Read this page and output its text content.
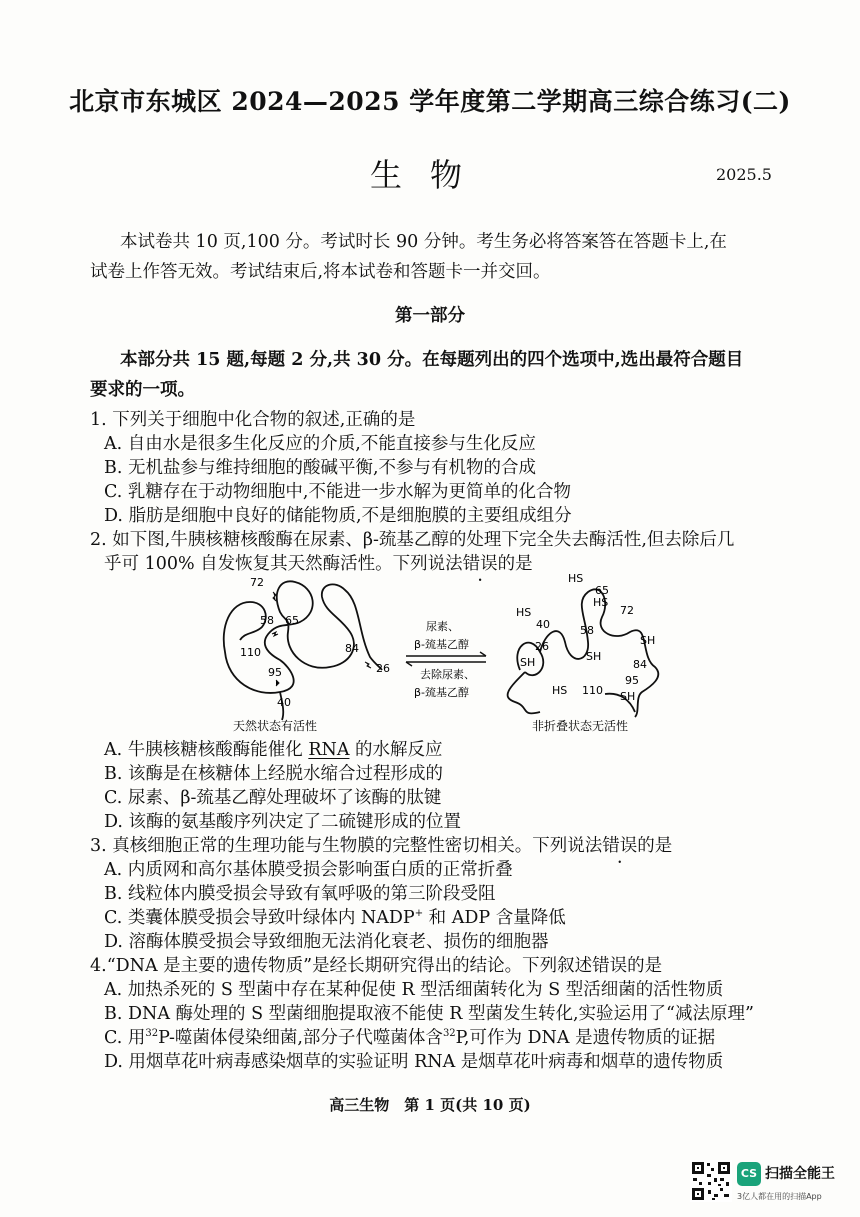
北京市东城区 2024—2025 学年度第二学期高三综合练习(二)
生物	2025.5
本试卷共 10 页,100 分。考试时长 90 分钟。考生务必将答案答在答题卡上,在
试卷上作答无效。考试结束后,将本试卷和答题卡一并交回。
第一部分
本部分共 15 题,每题 2 分,共 30 分。在每题列出的四个选项中,选出最符合题目
要求的一项。
1. 下列关于细胞中化合物的叙述,正确的是
A. 自由水是很多生化反应的介质,不能直接参与生化反应
B. 无机盐参与维持细胞的酸碱平衡,不参与有机物的合成
C. 乳糖存在于动物细胞中,不能进一步水解为更简单的化合物
D. 脂肪是细胞中良好的储能物质,不是细胞膜的主要组成组分
2. 如下图,牛胰核糖核酸酶在尿素、β-巯基乙醇的处理下完全失去酶活性,但去除后几
乎可 100% 自发恢复其天然酶活性。下列说法错误的是
72
58 65
110	84
26
95
40
天然状态有活性
尿素、
β-巯基乙醇
去除尿素、
β-巯基乙醇
HS
65
HS
72
HS
40	58
26
SH	SH
SH
84
HS 110
95
SH
非折叠状态无活性
A. 牛胰核糖核酸酶能催化 RNA 的水解反应
B. 该酶是在核糖体上经脱水缩合过程形成的
C. 尿素、β-巯基乙醇处理破坏了该酶的肽键
D. 该酶的氨基酸序列决定了二硫键形成的位置
3. 真核细胞正常的生理功能与生物膜的完整性密切相关。下列说法错误的是
A. 内质网和高尔基体膜受损会影响蛋白质的正常折叠
B. 线粒体内膜受损会导致有氧呼吸的第三阶段受阻
C. 类囊体膜受损会导致叶绿体内 NADP+ 和 ADP 含量降低
D. 溶酶体膜受损会导致细胞无法消化衰老、损伤的细胞器
4.“DNA 是主要的遗传物质”是经长期研究得出的结论。下列叙述错误的是
A. 加热杀死的 S 型菌中存在某种促使 R 型活细菌转化为 S 型活细菌的活性物质
B. DNA 酶处理的 S 型菌细胞提取液不能使 R 型菌发生转化,实验运用了“减法原理”
C. 用$^{32}$P-噬菌体侵染细菌,部分子代噬菌体含$^{32}$P,可作为 DNA 是遗传物质的证据
D. 用烟草花叶病毒感染烟草的实验证明 RNA 是烟草花叶病毒和烟草的遗传物质
高三生物　第 1 页(共 10 页)
CS 扫描全能王
3亿人都在用的扫描App
